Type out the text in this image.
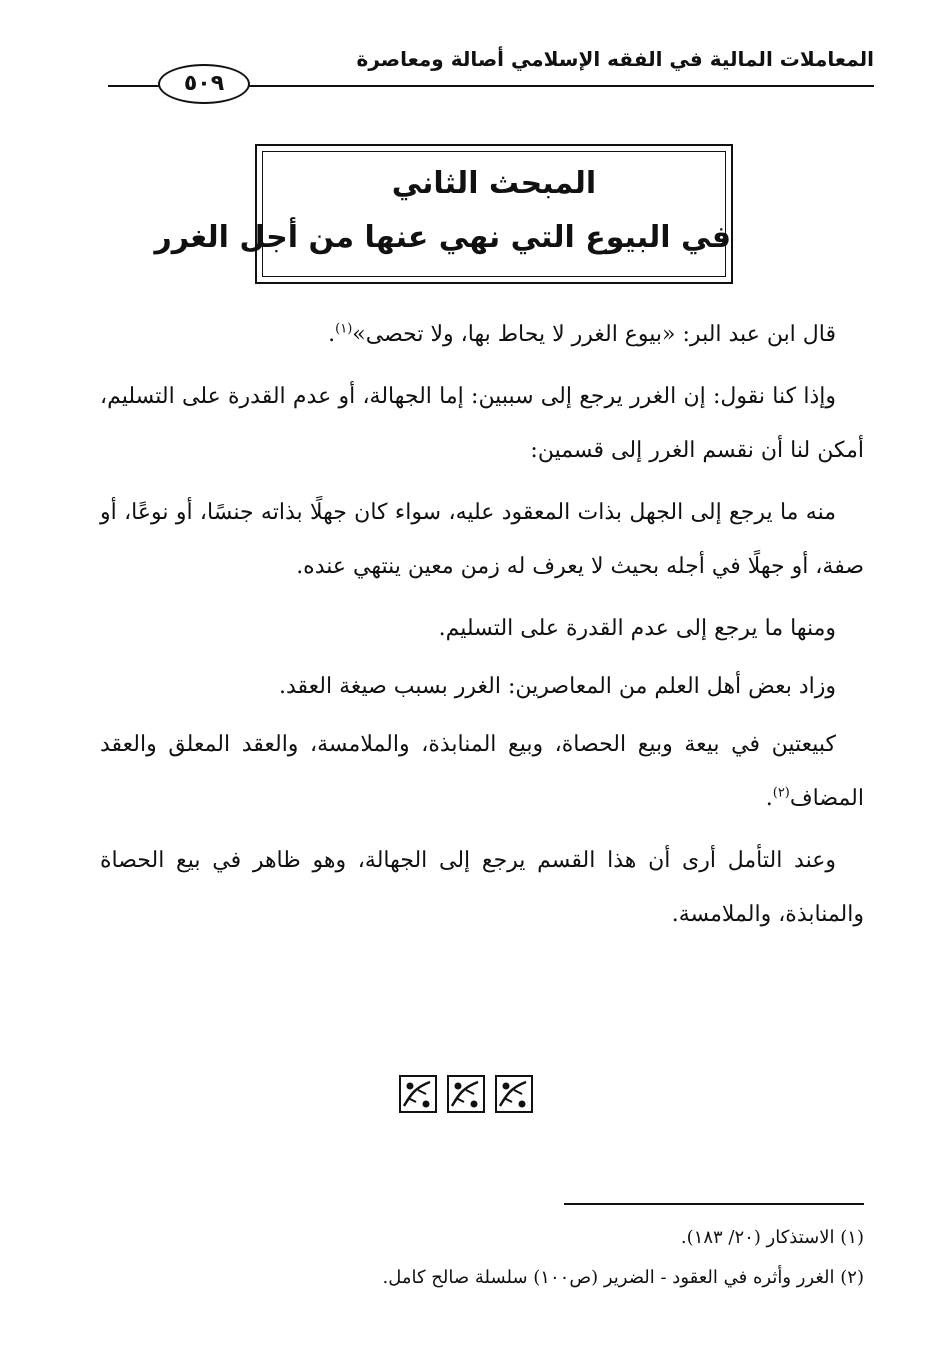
المعاملات المالية في الفقه الإسلامي أصالة ومعاصرة
٥٠٩
المبحث الثاني
في البيوع التي نهي عنها من أجل الغرر

قال ابن عبد البر: «بيوع الغرر لا يحاط بها، ولا تحصى»$^{(١)}$.

وإذا كنا نقول: إن الغرر يرجع إلى سببين: إما الجهالة، أو عدم القدرة على التسليم، أمكن لنا أن نقسم الغرر إلى قسمين:

منه ما يرجع إلى الجهل بذات المعقود عليه، سواء كان جهلًا بذاته جنسًا، أو نوعًا، أو صفة، أو جهلًا في أجله بحيث لا يعرف له زمن معين ينتهي عنده.

ومنها ما يرجع إلى عدم القدرة على التسليم.

وزاد بعض أهل العلم من المعاصرين: الغرر بسبب صيغة العقد.

كبيعتين في بيعة وبيع الحصاة، وبيع المنابذة، والملامسة، والعقد المعلق والعقد المضاف$^{(٢)}$.

وعند التأمل أرى أن هذا القسم يرجع إلى الجهالة، وهو ظاهر في بيع الحصاة والمنابذة، والملامسة.

(١) الاستذكار (٢٠/ ١٨٣).

(٢) الغرر وأثره في العقود - الضرير (ص١٠٠) سلسلة صالح كامل.
